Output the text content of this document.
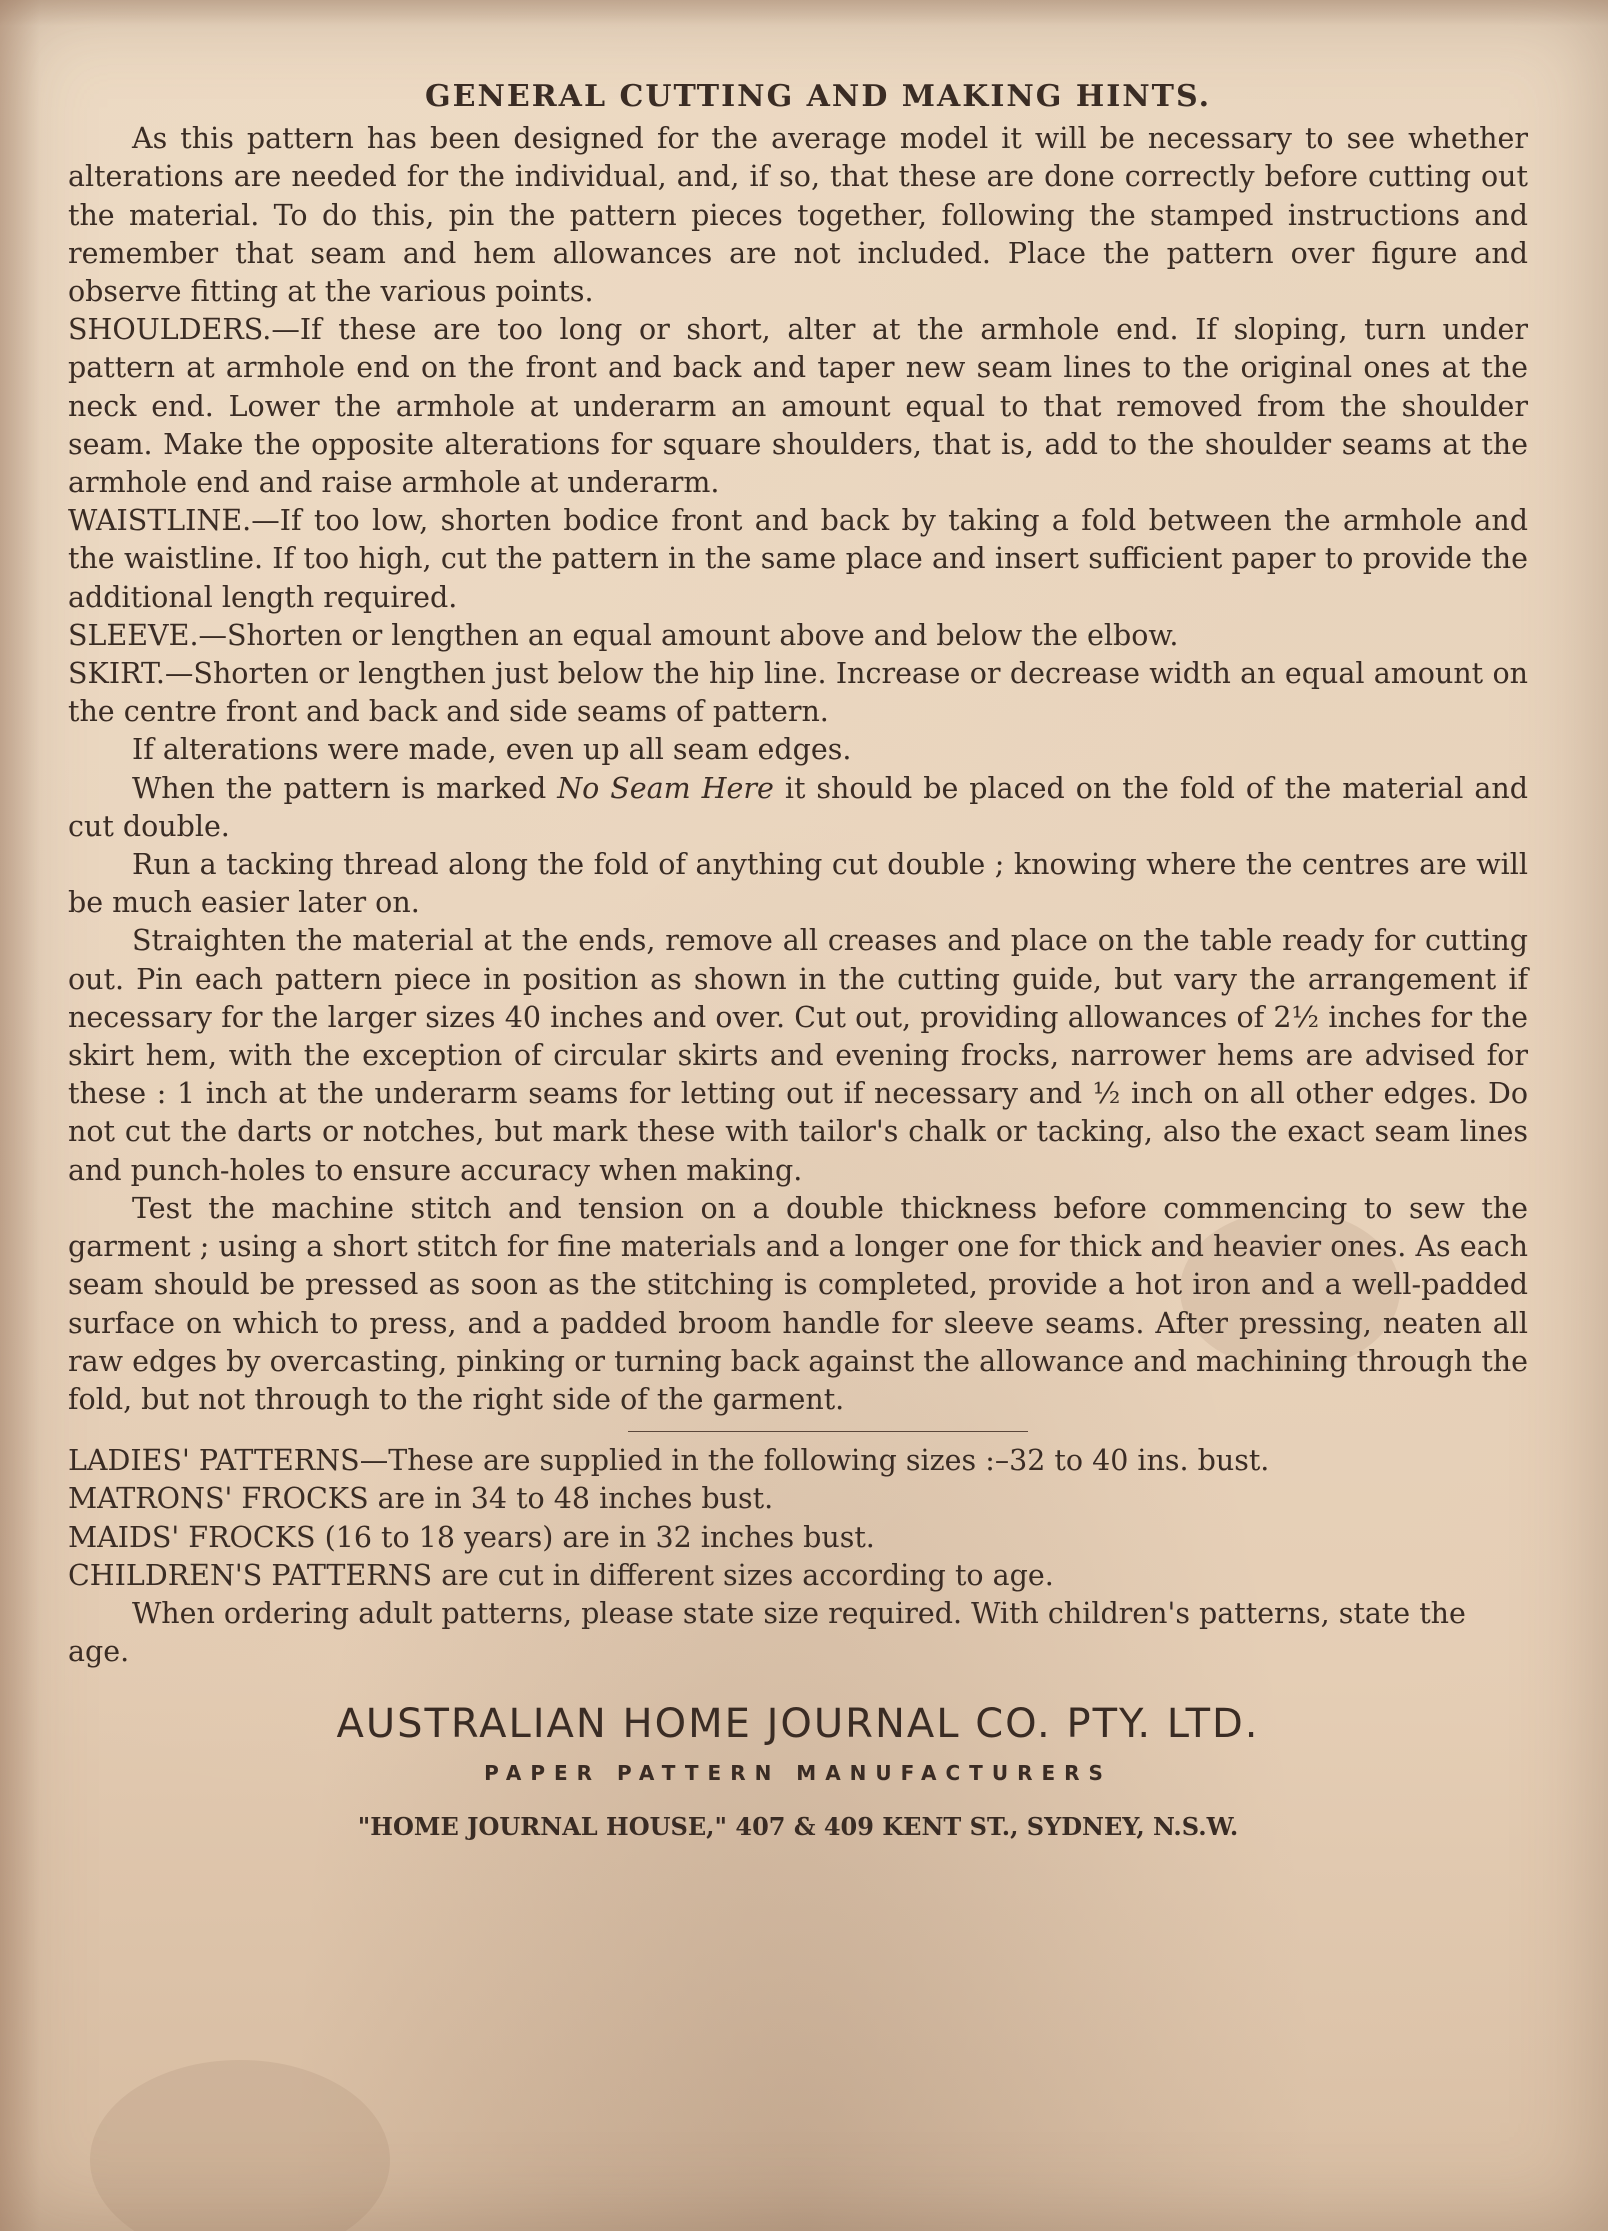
GENERAL CUTTING AND MAKING HINTS.

As this pattern has been designed for the average model it will be necessary to see whether alterations are needed for the individual, and, if so, that these are done correctly before cutting out the material. To do this, pin the pattern pieces together, following the stamped instructions and remember that seam and hem allowances are not included. Place the pattern over figure and observe fitting at the various points.

SHOULDERS.—If these are too long or short, alter at the armhole end. If sloping, turn under pattern at armhole end on the front and back and taper new seam lines to the original ones at the neck end. Lower the armhole at underarm an amount equal to that removed from the shoulder seam. Make the opposite alterations for square shoulders, that is, add to the shoulder seams at the armhole end and raise armhole at underarm.

WAISTLINE.—If too low, shorten bodice front and back by taking a fold between the armhole and the waistline. If too high, cut the pattern in the same place and insert sufficient paper to provide the additional length required.

SLEEVE.—Shorten or lengthen an equal amount above and below the elbow.

SKIRT.—Shorten or lengthen just below the hip line. Increase or decrease width an equal amount on the centre front and back and side seams of pattern.

If alterations were made, even up all seam edges.

When the pattern is marked No Seam Here it should be placed on the fold of the material and cut double.

Run a tacking thread along the fold of anything cut double ; knowing where the centres are will be much easier later on.

Straighten the material at the ends, remove all creases and place on the table ready for cutting out. Pin each pattern piece in position as shown in the cutting guide, but vary the arrangement if necessary for the larger sizes 40 inches and over. Cut out, providing allowances of 2½ inches for the skirt hem, with the exception of circular skirts and evening frocks, narrower hems are advised for these : 1 inch at the underarm seams for letting out if necessary and ½ inch on all other edges. Do not cut the darts or notches, but mark these with tailor's chalk or tacking, also the exact seam lines and punch-holes to ensure accuracy when making.

Test the machine stitch and tension on a double thickness before commencing to sew the garment ; using a short stitch for fine materials and a longer one for thick and heavier ones. As each seam should be pressed as soon as the stitching is completed, provide a hot iron and a well-padded surface on which to press, and a padded broom handle for sleeve seams. After pressing, neaten all raw edges by overcasting, pinking or turning back against the allowance and machining through the fold, but not through to the right side of the garment.

LADIES' PATTERNS—These are supplied in the following sizes :–32 to 40 ins. bust.

MATRONS' FROCKS are in 34 to 48 inches bust.

MAIDS' FROCKS (16 to 18 years) are in 32 inches bust.

CHILDREN'S PATTERNS are cut in different sizes according to age.

When ordering adult patterns, please state size required. With children's patterns, state the age.

AUSTRALIAN HOME JOURNAL CO. PTY. LTD.
PAPER PATTERN MANUFACTURERS
"HOME JOURNAL HOUSE," 407 & 409 KENT ST., SYDNEY, N.S.W.
